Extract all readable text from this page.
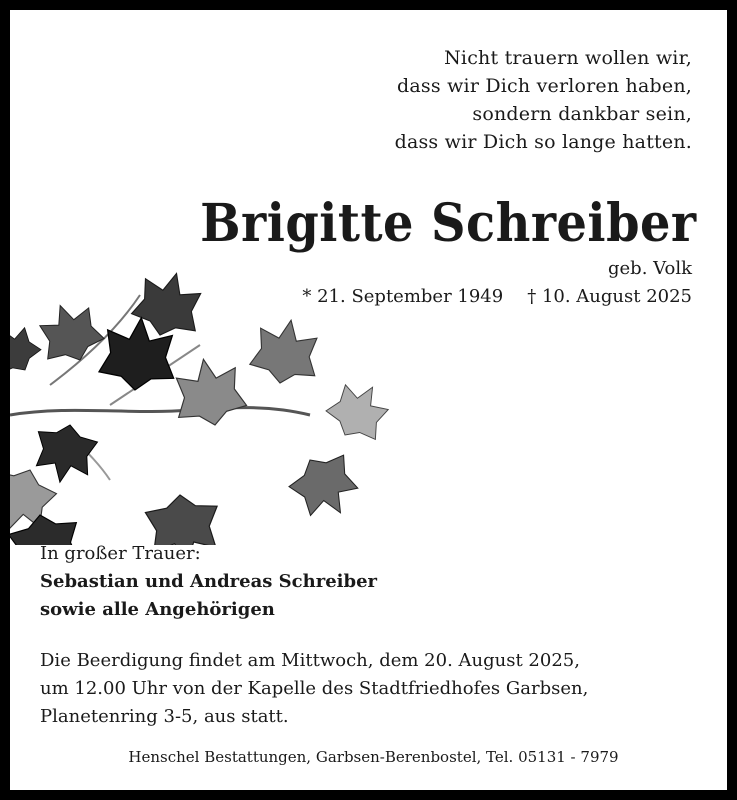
Nicht trauern wollen wir,
dass wir Dich verloren haben,
sondern dankbar sein,
dass wir Dich so lange hatten.
Brigitte Schreiber
geb. Volk
* 21. September 1949 † 10. August 2025
In großer Trauer:
Sebastian und Andreas Schreiber
sowie alle Angehörigen
Die Beerdigung findet am Mittwoch, dem 20. August 2025,
um 12.00 Uhr von der Kapelle des Stadtfriedhofes Garbsen,
Planetenring 3-5, aus statt.
Henschel Bestattungen, Garbsen-Berenbostel, Tel. 05131 - 7979
